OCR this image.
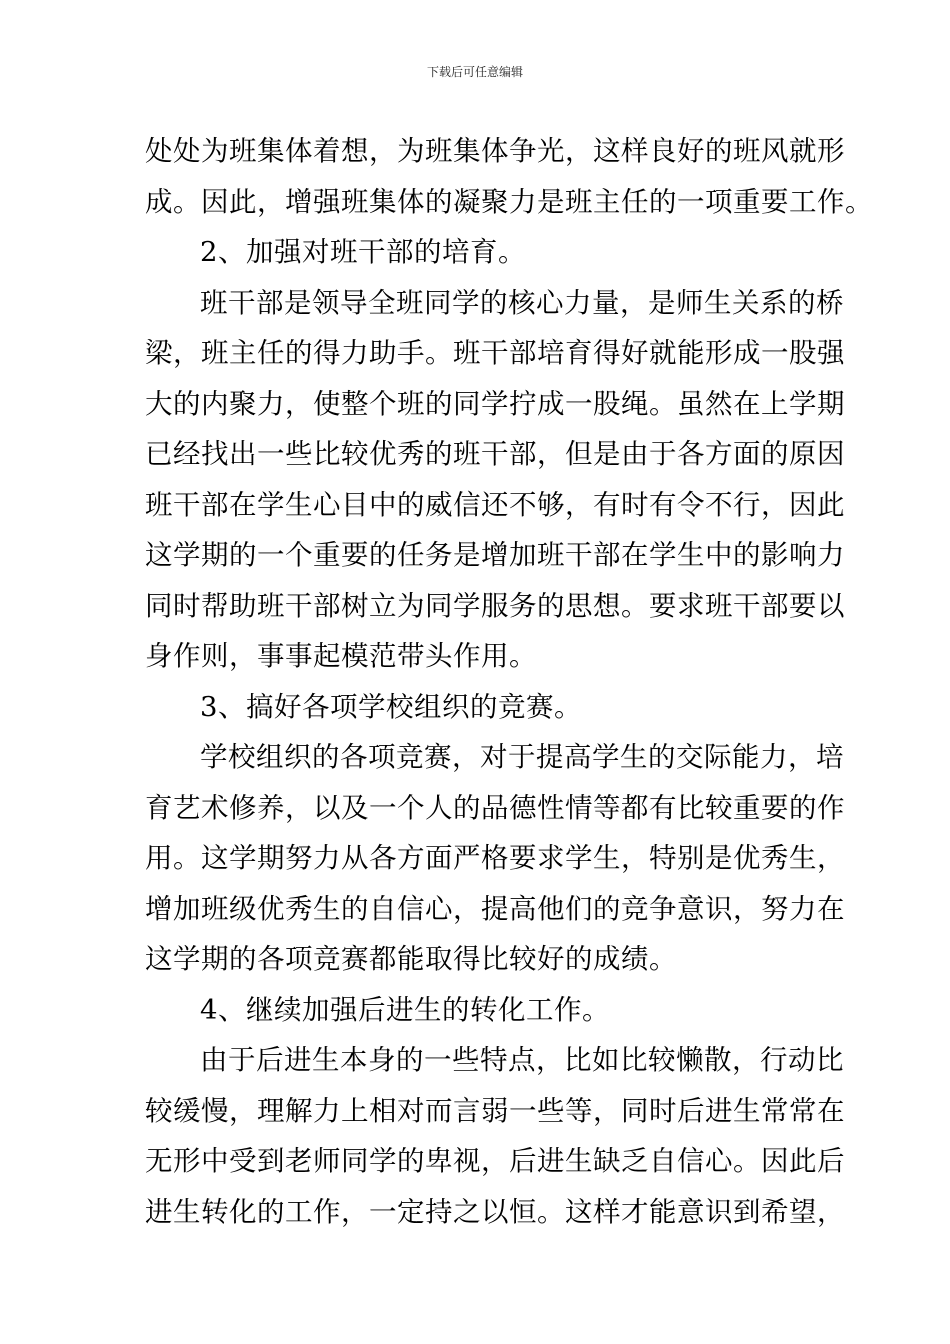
下载后可任意编辑
处处为班集体着想，为班集体争光，这样良好的班风就形
成。因此，增强班集体的凝聚力是班主任的一项重要工作。
2、加强对班干部的培育。
班干部是领导全班同学的核心力量，是师生关系的桥
梁，班主任的得力助手。班干部培育得好就能形成一股强
大的内聚力，使整个班的同学拧成一股绳。虽然在上学期
已经找出一些比较优秀的班干部，但是由于各方面的原因
班干部在学生心目中的威信还不够，有时有令不行，因此
这学期的一个重要的任务是增加班干部在学生中的影响力
同时帮助班干部树立为同学服务的思想。要求班干部要以
身作则，事事起模范带头作用。
3、搞好各项学校组织的竞赛。
学校组织的各项竞赛，对于提高学生的交际能力，培
育艺术修养，以及一个人的品德性情等都有比较重要的作
用。这学期努力从各方面严格要求学生，特别是优秀生，
增加班级优秀生的自信心，提高他们的竞争意识，努力在
这学期的各项竞赛都能取得比较好的成绩。
4、继续加强后进生的转化工作。
由于后进生本身的一些特点，比如比较懒散，行动比
较缓慢，理解力上相对而言弱一些等，同时后进生常常在
无形中受到老师同学的卑视，后进生缺乏自信心。因此后
进生转化的工作，一定持之以恒。这样才能意识到希望，
